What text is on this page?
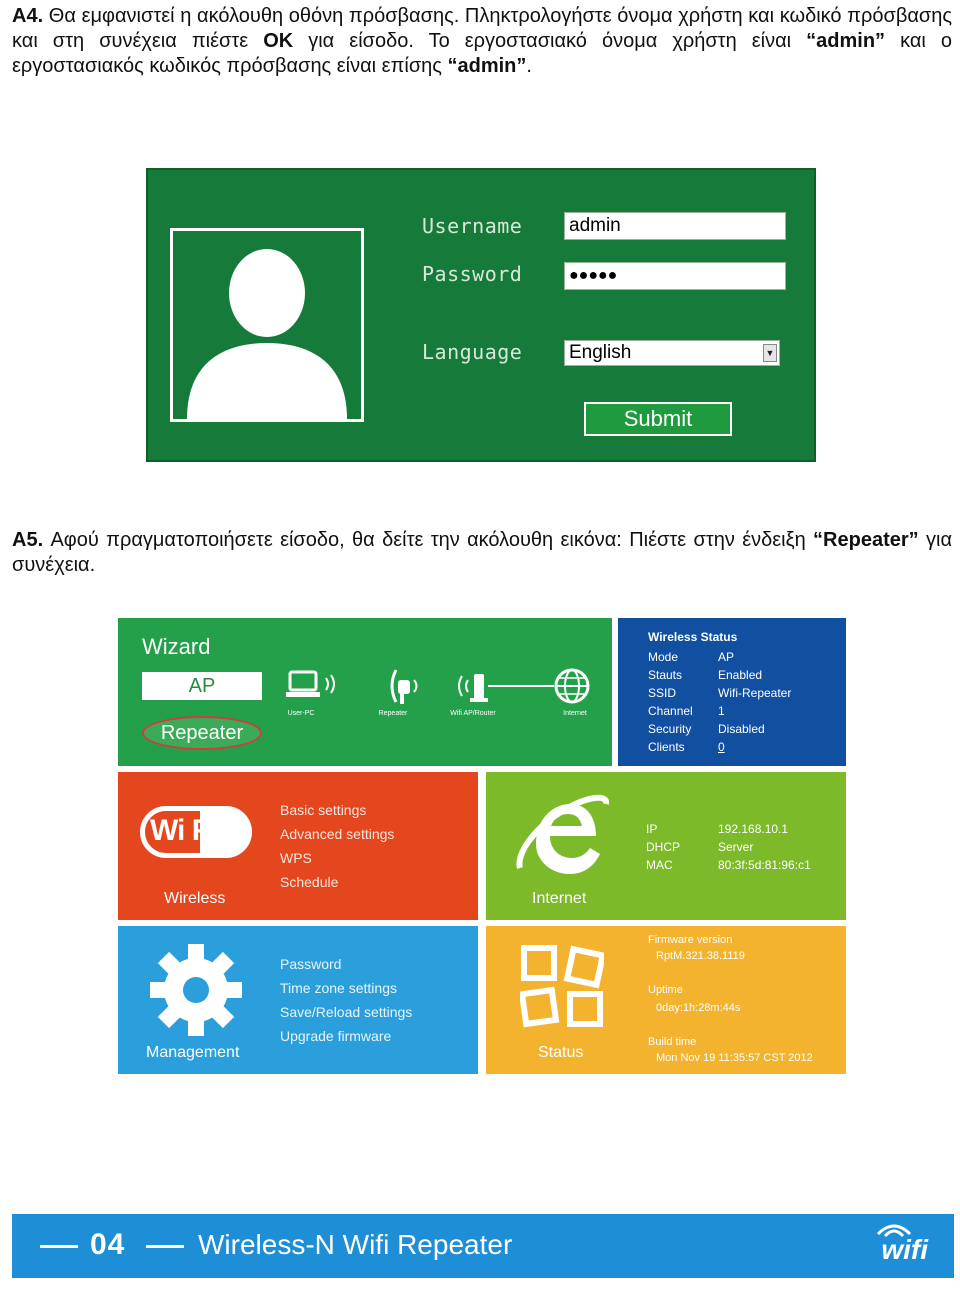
A4. Θα εμφανιστεί η ακόλουθη οθόνη πρόσβασης. Πληκτρολογήστε όνομα χρήστη και κωδικό πρόσβασης και στη συνέχεια πιέστε OK για είσοδο. Το εργοστασιακό όνομα χρήστη είναι “admin” και ο εργοστασιακός κωδικός πρόσβασης είναι επίσης “admin”.

Username admin
Password	●●●●●
Language English	▼
Submit

A5. Αφού πραγματοποιήσετε είσοδο, θα δείτε την ακόλουθη εικόνα: Πιέστε στην ένδειξη “Repeater” για συνέχεια.

Wizard
AP
Repeater
User-PC	Repeater	Wifi AP/Router	Internet
Wireless Status
Mode	AP
Stauts	Enabled
SSID	Wifi-Repeater
Channel 1
Security Disabled
Clients	0
Wi Fi
Wireless
Basic settings
Advanced settings
WPS
Schedule
Internet
IP	192.168.10.1
DHCP	Server
MAC	80:3f:5d:81:96:c1
Management
Password
Time zone settings
Save/Reload settings
Upgrade firmware
Status
Firmware version
RptM.321.38.1119
Uptime
0day:1h:28m:44s
Build time
Mon Nov 19 11:35:57 CST 2012
04	Wireless-N Wifi Repeater	wifi
